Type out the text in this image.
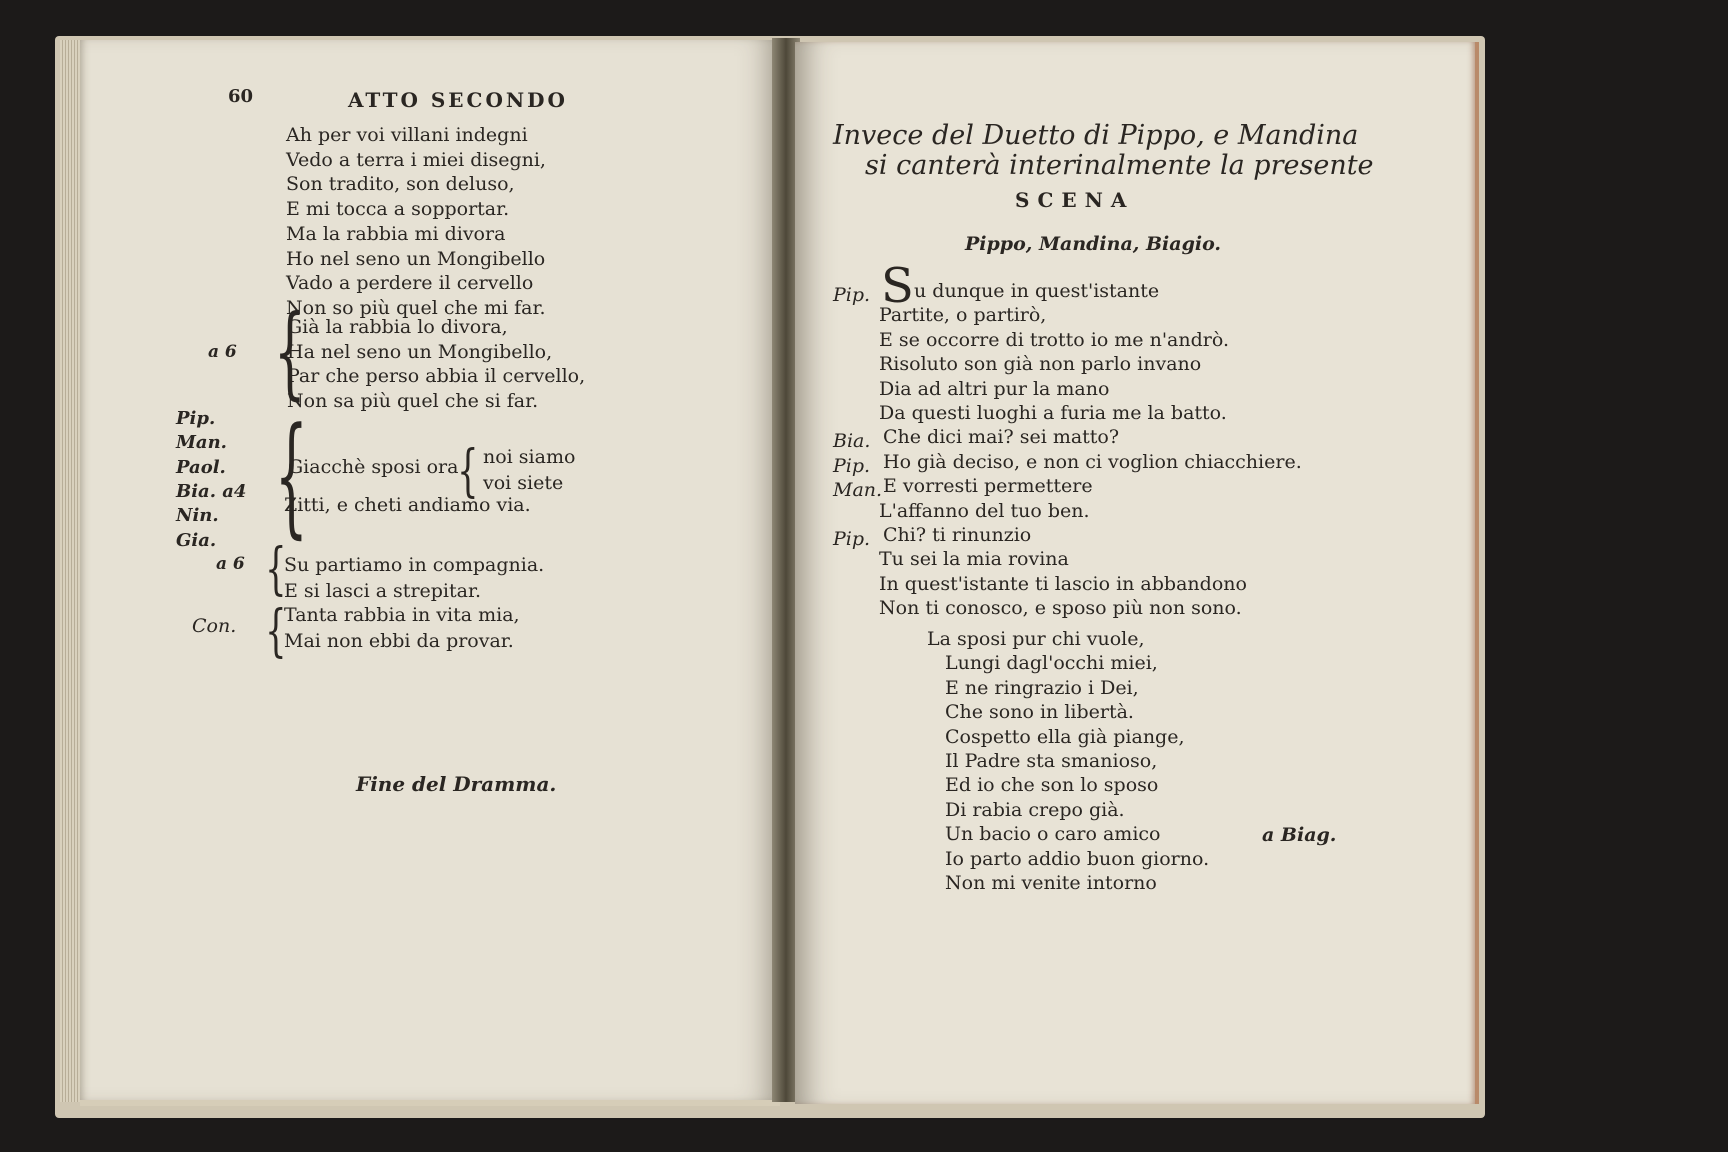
60	ATTO SECONDO
a 6 {
{
Giacchè sposi ora
{ noi siamo
voi siete
Zitti, e cheti andiamo via.
a 6 {
Su partiamo in compagnia.
E si lasci a strepitar.
Con. {
Tanta rabbia in vita mia,
Mai non ebbi da provar.
Fine del Dramma.
Ah per voi villani indegni
Vedo a terra i miei disegni,
Son tradito, son deluso,
E mi tocca a sopportar.
Ma la rabbia mi divora
Ho nel seno un Mongibello
Vado a perdere il cervello
Non so più quel che mi far.
Già la rabbia lo divora,
Ha nel seno un Mongibello,
Par che perso abbia il cervello,
Non sa più quel che si far.
Pip.
Man.
Paol.
Bia. a4
Nin.
Gia.
Invece del Duetto di Pippo, e Mandina
si canterà interinalmente la presente
SCENA
Pippo, Mandina, Biagio.
a Biag.
Pip. S u dunque in quest'istante
Partite, o partirò,
E se occorre di trotto io me n'andrò.
Risoluto son già non parlo invano
Dia ad altri pur la mano
Da questi luoghi a furia me la batto.
Bia. Che dici mai? sei matto?
Pip. Ho già deciso, e non ci voglion chiacchiere.
Man. E vorresti permettere
L'affanno del tuo ben.
Pip. Chi? ti rinunzio
Tu sei la mia rovina
In quest'istante ti lascio in abbandono
Non ti conosco, e sposo più non sono.
La sposi pur chi vuole,
Lungi dagl'occhi miei,
E ne ringrazio i Dei,
Che sono in libertà.
Cospetto ella già piange,
Il Padre sta smanioso,
Ed io che son lo sposo
Di rabia crepo già.
Un bacio o caro amico
Io parto addio buon giorno.
Non mi venite intorno
